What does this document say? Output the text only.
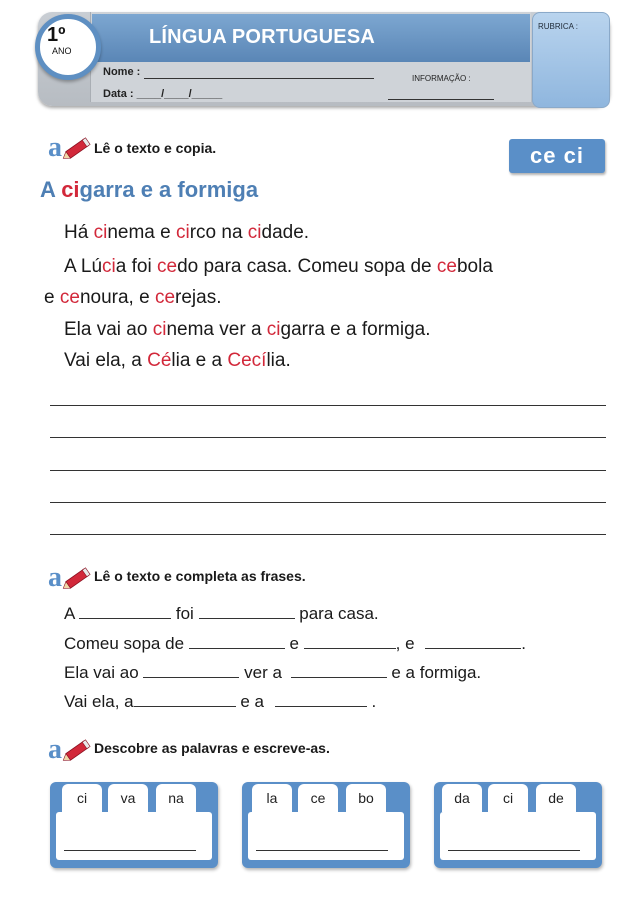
LÍNGUA PORTUGUESA	RUBRICA :
1º
ANO
Nome :
Data : ____/____/_____
INFORMAÇÃO :
a Lê o texto e copia.	ce ci
A cigarra e a formiga
Há cinema e circo na cidade.
A Lúcia foi cedo para casa. Comeu sopa de cebola
e cenoura, e cerejas.
Ela vai ao cinema ver a cigarra e a formiga.
Vai ela, a Célia e a Cecília.
a Lê o texto e completa as frases.
A	foi	para casa.
Comeu sopa de	e	, e	.
Ela vai ao	ver a	e a formiga.
Vai ela, a	e a	.
a Descobre as palavras e escreve-as.
ci	va	na	la	ce	bo	da	ci	de
